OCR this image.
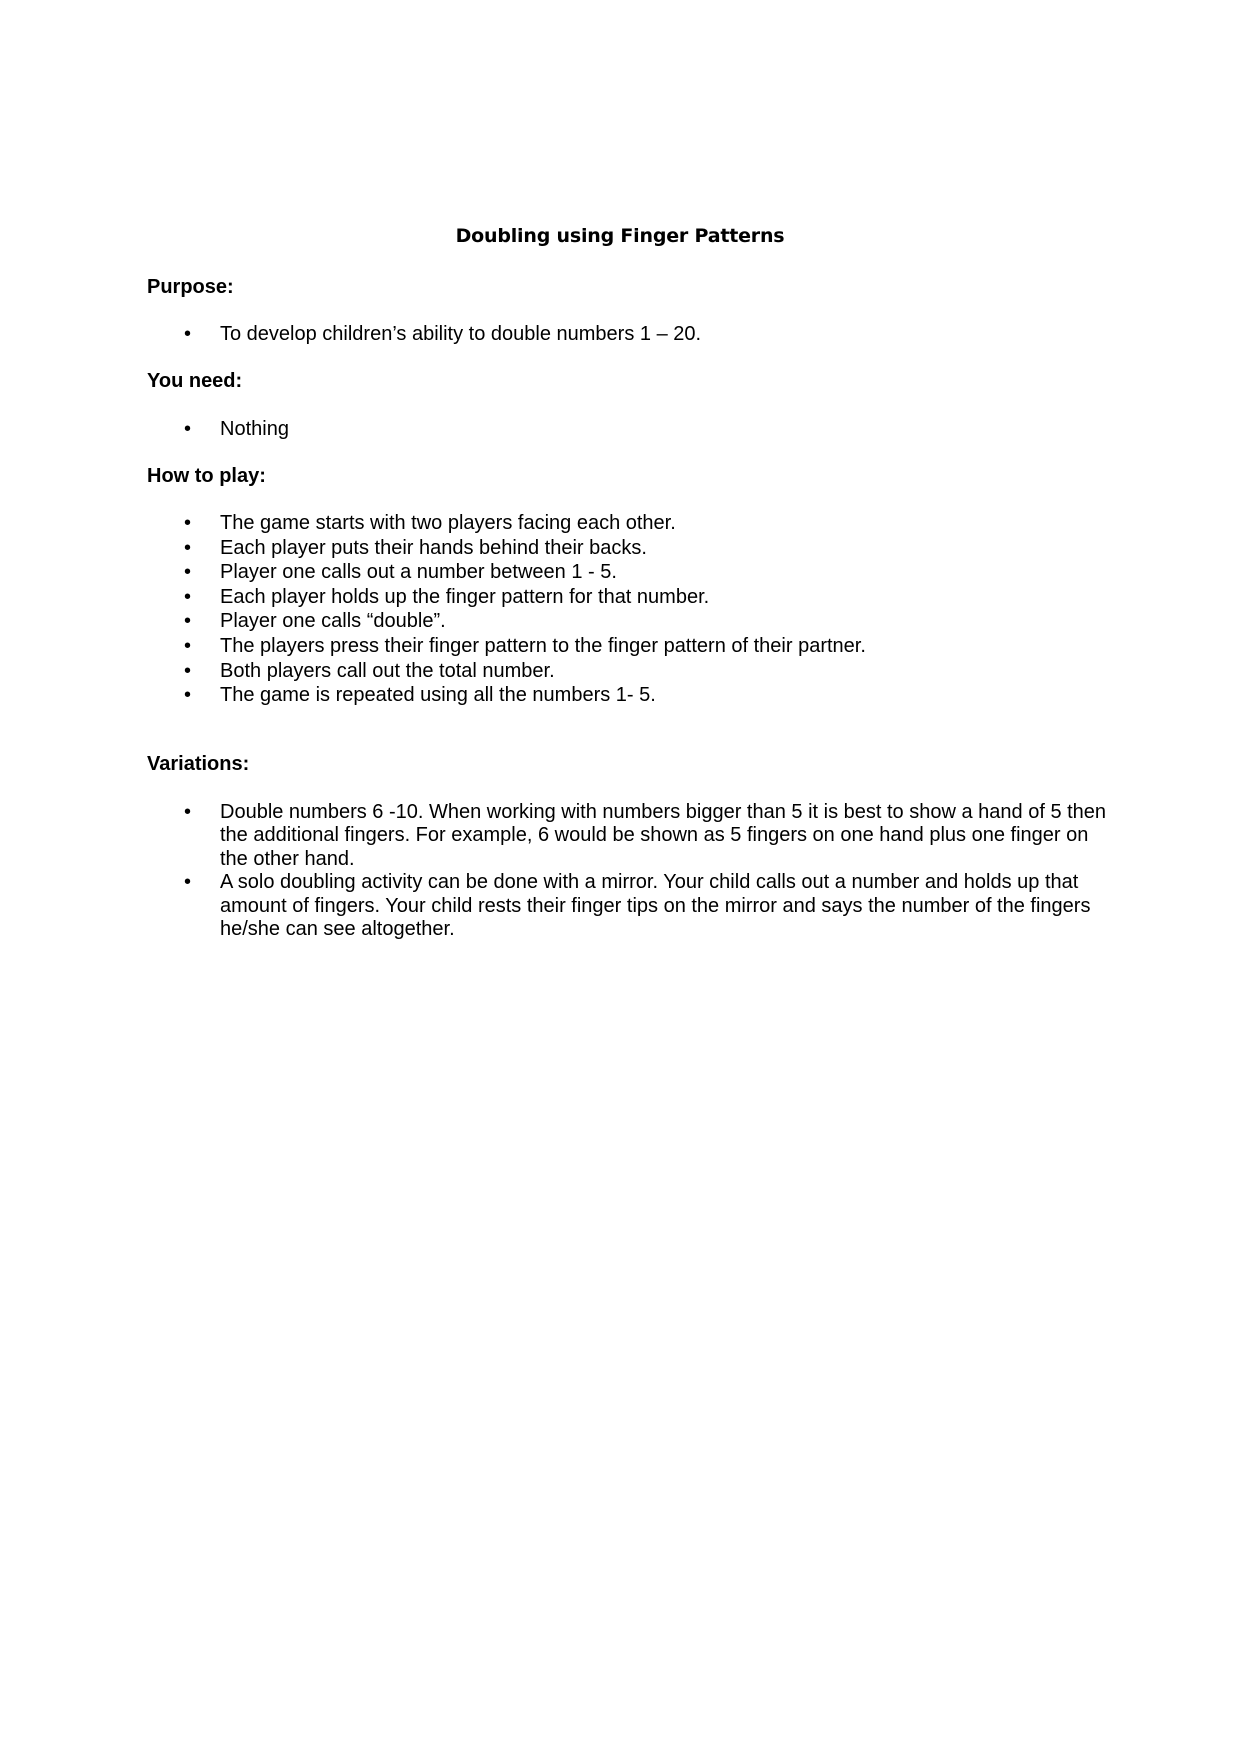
Doubling using Finger Patterns
Purpose:
• To develop children’s ability to double numbers 1 – 20.
You need:
• Nothing
How to play:
• The game starts with two players facing each other.
• Each player puts their hands behind their backs.
• Player one calls out a number between 1 - 5.
• Each player holds up the finger pattern for that number.
• Player one calls “double”.
• The players press their finger pattern to the finger pattern of their partner.
• Both players call out the total number.
• The game is repeated using all the numbers 1- 5.
Variations:
• Double numbers 6 -10. When working with numbers bigger than 5 it is best to show a hand of 5 then the additional fingers. For example, 6 would be shown as 5 fingers on one hand plus one finger on the other hand.
• A solo doubling activity can be done with a mirror. Your child calls out a number and holds up that amount of fingers. Your child rests their finger tips on the mirror and says the number of the fingers he/she can see altogether.
